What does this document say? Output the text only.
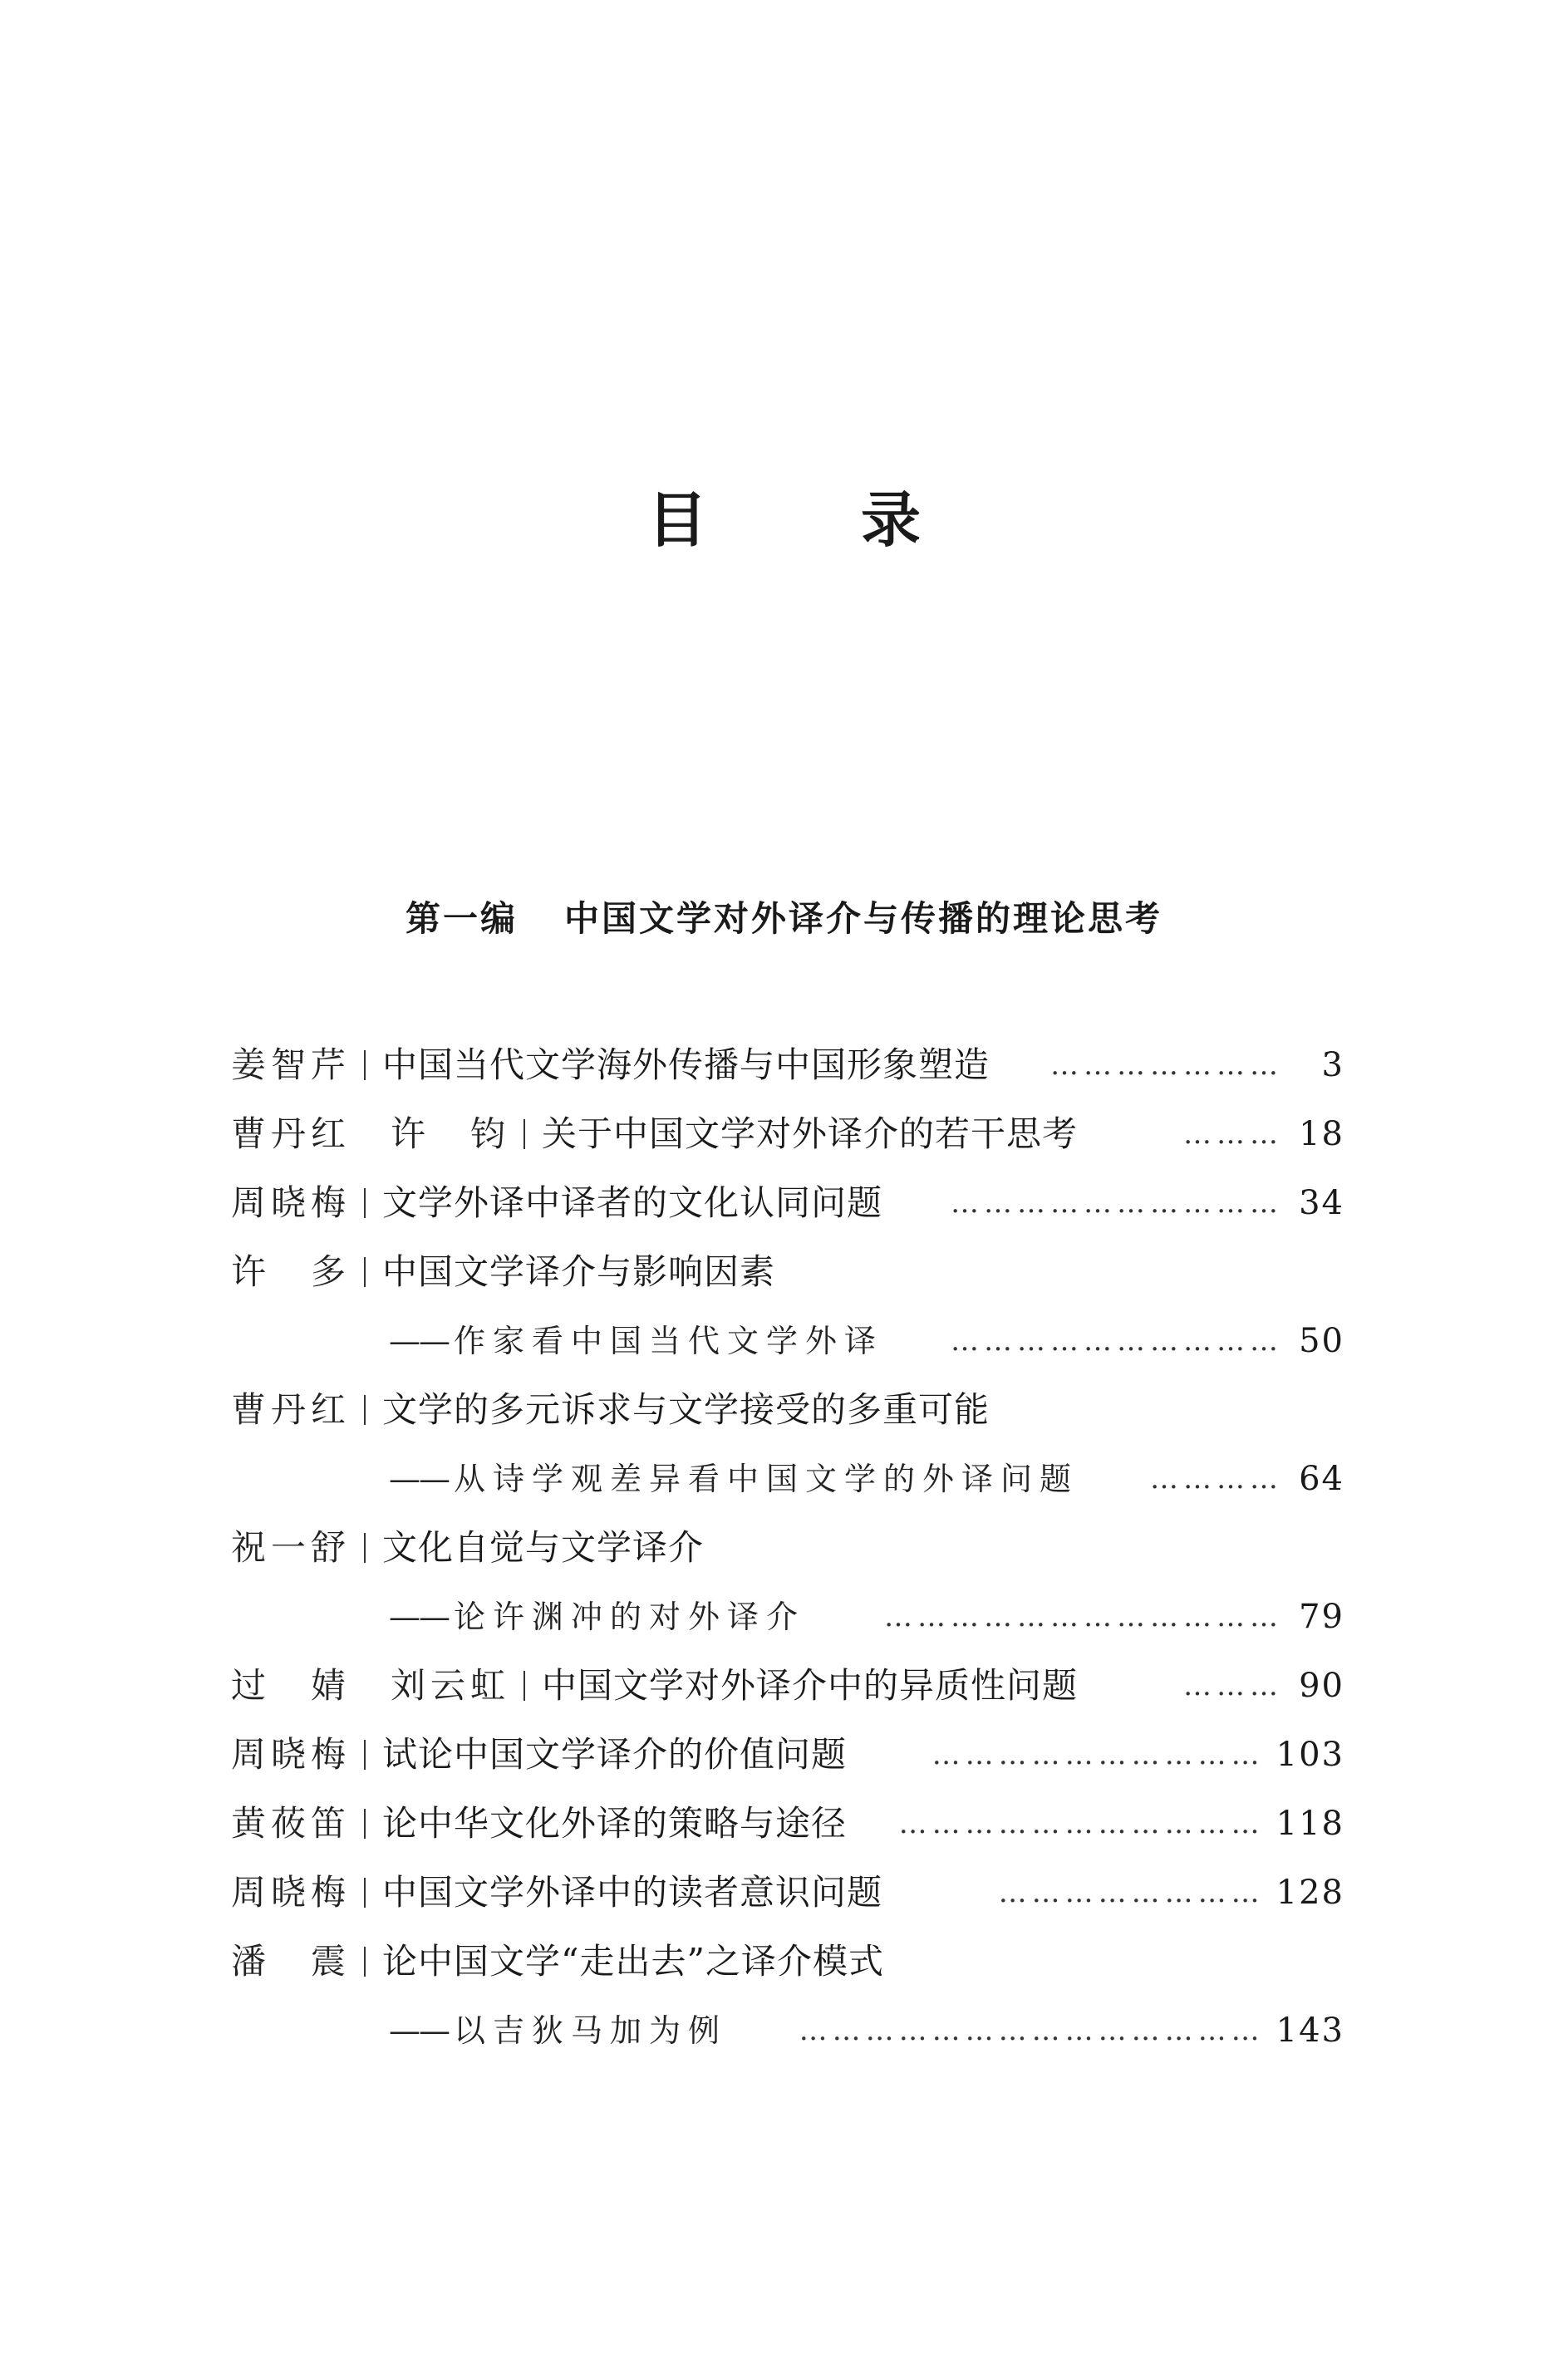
目 录
第一编 中国文学对外译介与传播的理论思考
姜智芹 中国当代文学海外传播与中国形象塑造	…………………	3
曹丹红　许　钧 关于中国文学对外译介的若干思考	……… 18
周晓梅 文学外译中译者的文化认同问题	………………………… 34
许　多 中国文学译介与影响因素
—— 作家看中国当代文学外译	………………………… 50
曹丹红 文学的多元诉求与文学接受的多重可能
—— 从诗学观差异看中国文学的外译问题	………… 64
祝一舒 文化自觉与文学译介
—— 论许渊冲的对外译介	……………………………… 79
过　婧　刘云虹 中国文学对外译介中的异质性问题	……… 90
周晓梅 试论中国文学译介的价值问题	………………………… 103
黄莜笛 论中华文化外译的策略与途径	…………………………… 118
周晓梅 中国文学外译中的读者意识问题	…………………… 128
潘　震 论中国文学“走出去”之译介模式
—— 以吉狄马加为例	…………………………………… 143
